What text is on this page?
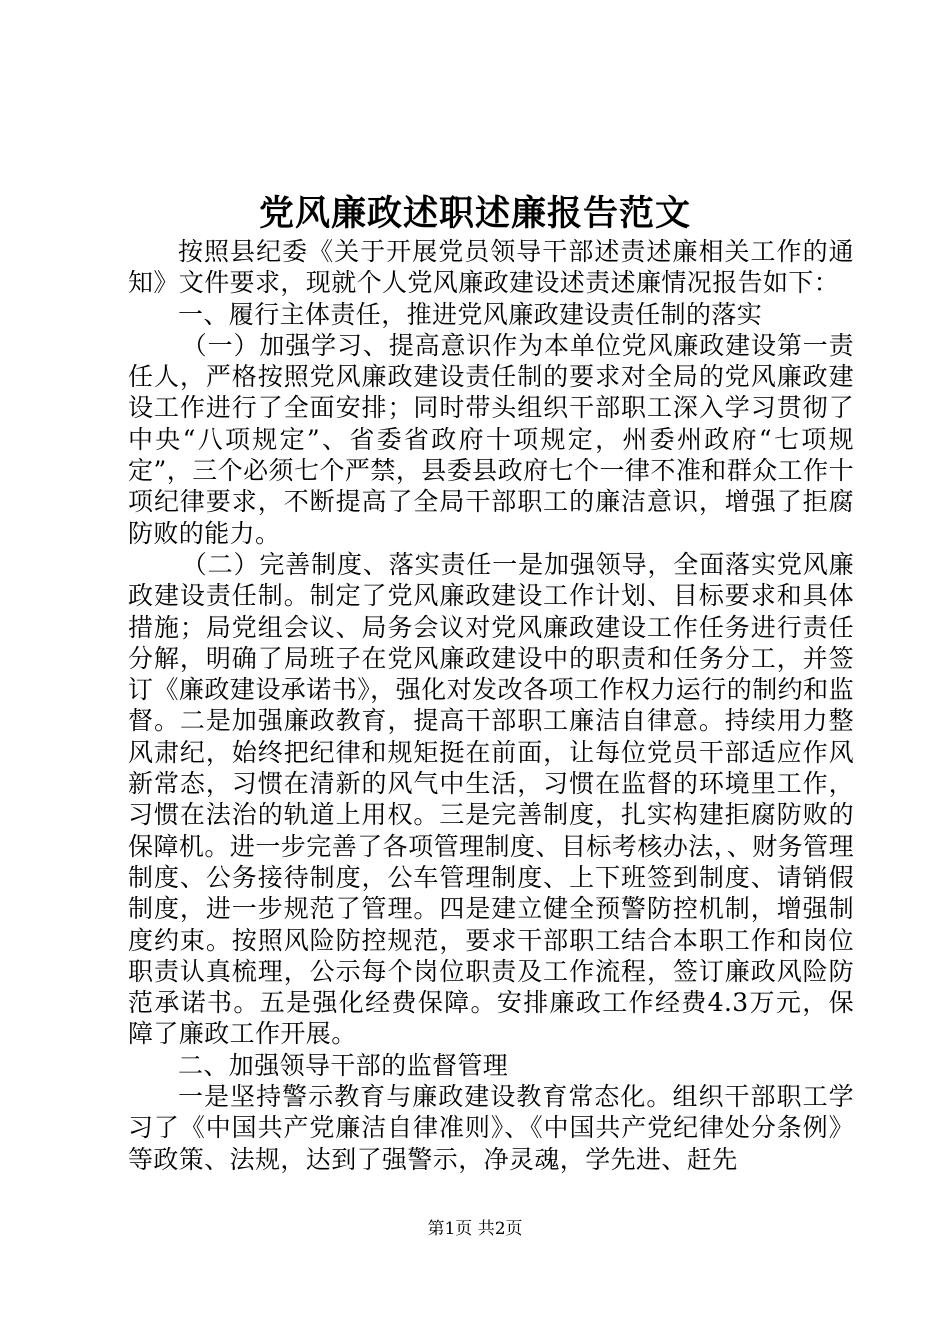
党风廉政述职述廉报告范文

按照县纪委《关于开展党员领导干部述责述廉相关工作的通知》文件要求，现就个人党风廉政建设述责述廉情况报告如下：

一、履行主体责任，推进党风廉政建设责任制的落实

（一）加强学习、提高意识作为本单位党风廉政建设第一责任人，严格按照党风廉政建设责任制的要求对全局的党风廉政建设工作进行了全面安排；同时带头组织干部职工深入学习贯彻了中央“八项规定”、省委省政府十项规定，州委州政府“七项规定”，三个必须七个严禁，县委县政府七个一律不准和群众工作十项纪律要求，不断提高了全局干部职工的廉洁意识，增强了拒腐防败的能力。

（二）完善制度、落实责任一是加强领导，全面落实党风廉政建设责任制。制定了党风廉政建设工作计划、目标要求和具体措施；局党组会议、局务会议对党风廉政建设工作任务进行责任分解，明确了局班子在党风廉政建设中的职责和任务分工，并签订《廉政建设承诺书》，强化对发改各项工作权力运行的制约和监督。二是加强廉政教育，提高干部职工廉洁自律意。持续用力整风肃纪，始终把纪律和规矩挺在前面，让每位党员干部适应作风新常态，习惯在清新的风气中生活，习惯在监督的环境里工作，习惯在法治的轨道上用权。三是完善制度，扎实构建拒腐防败的保障机。进一步完善了各项管理制度、目标考核办法，、财务管理制度、公务接待制度，公车管理制度、上下班签到制度、请销假制度，进一步规范了管理。四是建立健全预警防控机制，增强制度约束。按照风险防控规范，要求干部职工结合本职工作和岗位职责认真梳理，公示每个岗位职责及工作流程，签订廉政风险防范承诺书。五是强化经费保障。安排廉政工作经费4.3万元，保障了廉政工作开展。

二、加强领导干部的监督管理

一是坚持警示教育与廉政建设教育常态化。组织干部职工学习了《中国共产党廉洁自律准则》、《中国共产党纪律处分条例》等政策、法规，达到了强警示，净灵魂，学先进、赶先

第1页 共2页
